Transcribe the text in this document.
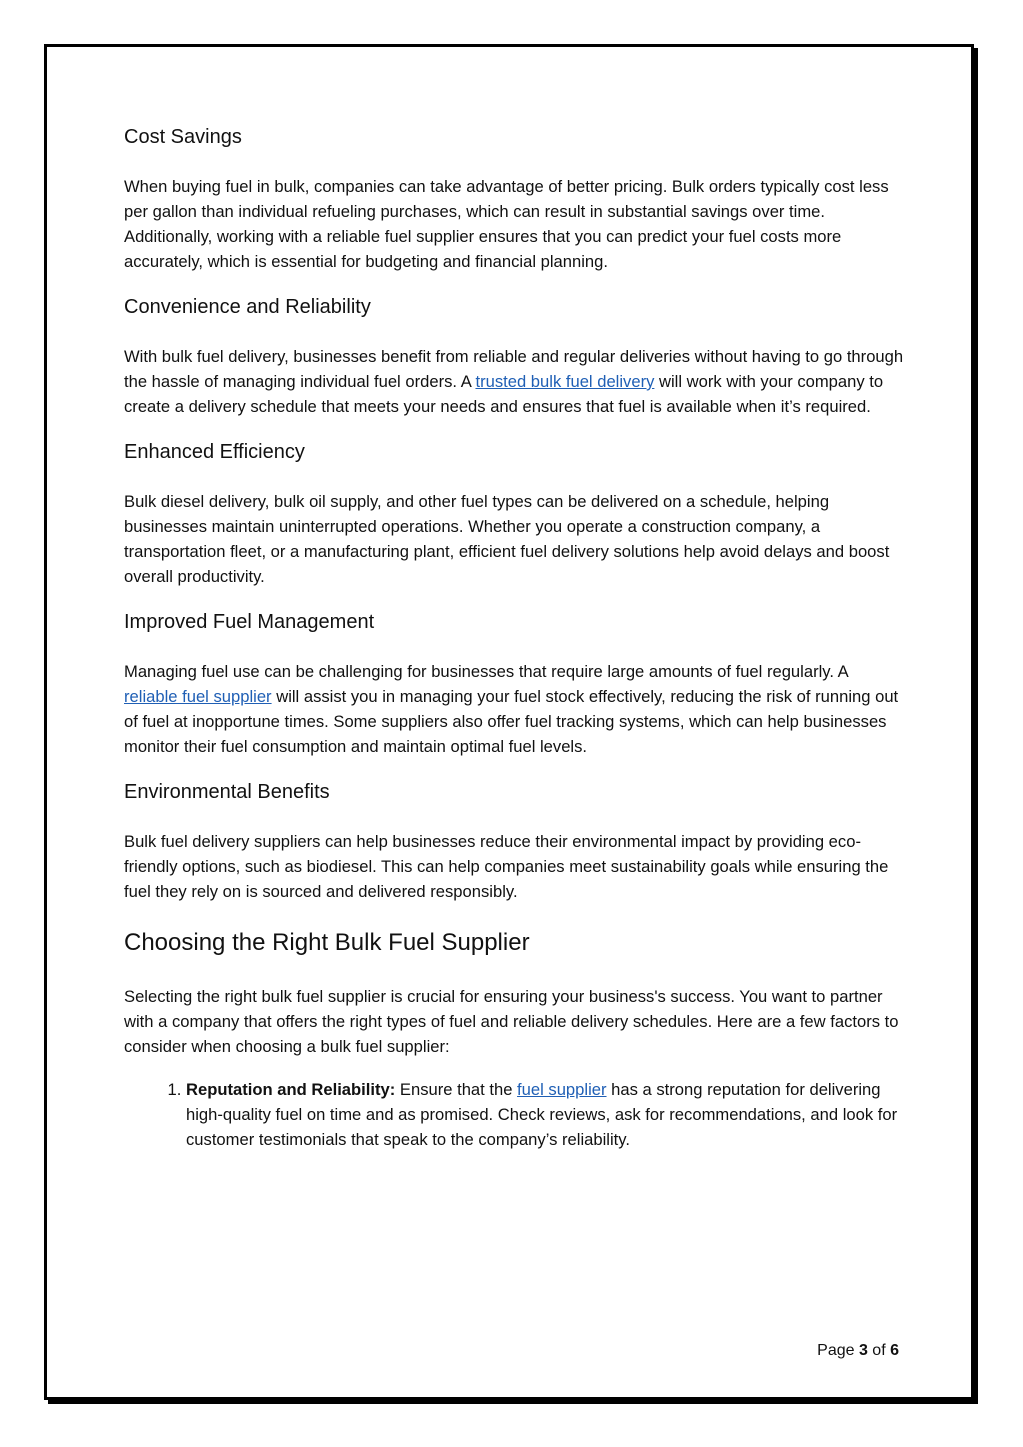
Cost Savings

When buying fuel in bulk, companies can take advantage of better pricing. Bulk orders typically cost less per gallon than individual refueling purchases, which can result in substantial savings over time. Additionally, working with a reliable fuel supplier ensures that you can predict your fuel costs more accurately, which is essential for budgeting and financial planning.

Convenience and Reliability

With bulk fuel delivery, businesses benefit from reliable and regular deliveries without having to go through the hassle of managing individual fuel orders. A trusted bulk fuel delivery will work with your company to create a delivery schedule that meets your needs and ensures that fuel is available when it’s required.

Enhanced Efficiency

Bulk diesel delivery, bulk oil supply, and other fuel types can be delivered on a schedule, helping businesses maintain uninterrupted operations. Whether you operate a construction company, a transportation fleet, or a manufacturing plant, efficient fuel delivery solutions help avoid delays and boost overall productivity.

Improved Fuel Management

Managing fuel use can be challenging for businesses that require large amounts of fuel regularly. A reliable fuel supplier will assist you in managing your fuel stock effectively, reducing the risk of running out of fuel at inopportune times. Some suppliers also offer fuel tracking systems, which can help businesses monitor their fuel consumption and maintain optimal fuel levels.

Environmental Benefits

Bulk fuel delivery suppliers can help businesses reduce their environmental impact by providing eco-friendly options, such as biodiesel. This can help companies meet sustainability goals while ensuring the fuel they rely on is sourced and delivered responsibly.

Choosing the Right Bulk Fuel Supplier

Selecting the right bulk fuel supplier is crucial for ensuring your business's success. You want to partner with a company that offers the right types of fuel and reliable delivery schedules. Here are a few factors to consider when choosing a bulk fuel supplier:

1. Reputation and Reliability: Ensure that the fuel supplier has a strong reputation for delivering high-quality fuel on time and as promised. Check reviews, ask for recommendations, and look for customer testimonials that speak to the company’s reliability.
Page 3 of 6
